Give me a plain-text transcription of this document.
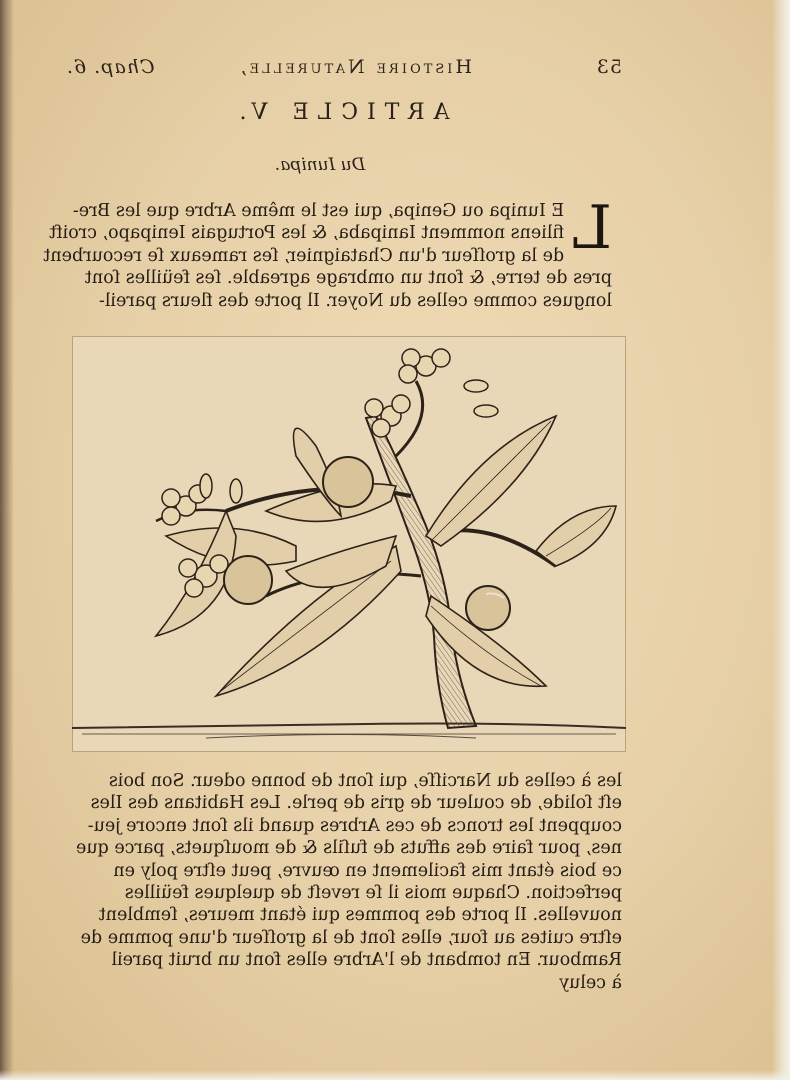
53
Histoire Naturelle,
Chap. 6.
ARTICLE V.
Du Iunipa.
L
E Iunipa ou Genipa, qui est le même Arbre que les Bre-
filiens nomment Ianipaba, & les Portugais Ienipapo, croift
de la groſſeur d'un Chataignier, ſes rameaux ſe recourbent
pres de terre, & font un ombrage agreable. ſes feüilles ſont
longues comme celles du Noyer. Il porte des fleurs pareil-
les à celles du Narciſſe, qui ſont de bonne odeur. Son bois
eſt ſolide, de couleur de gris de perle. Les Habitans des Iles
couppent les troncs de ces Arbres quand ils ſont encore jeu-
nes, pour faire des affuts de fuſils & de mouſquets, parce que
ce bois étant mis facilement en œuvre, peut eſtre poly en
perfection. Chaque mois il ſe reveſt de quelques feüilles
nouvelles. Il porte des pommes qui étant meures, ſemblent
eſtre cuites au four, elles ſont de la groſſeur d'une pomme de
Rambour. En tombant de l'Arbre elles font un bruit pareil
à celuy
